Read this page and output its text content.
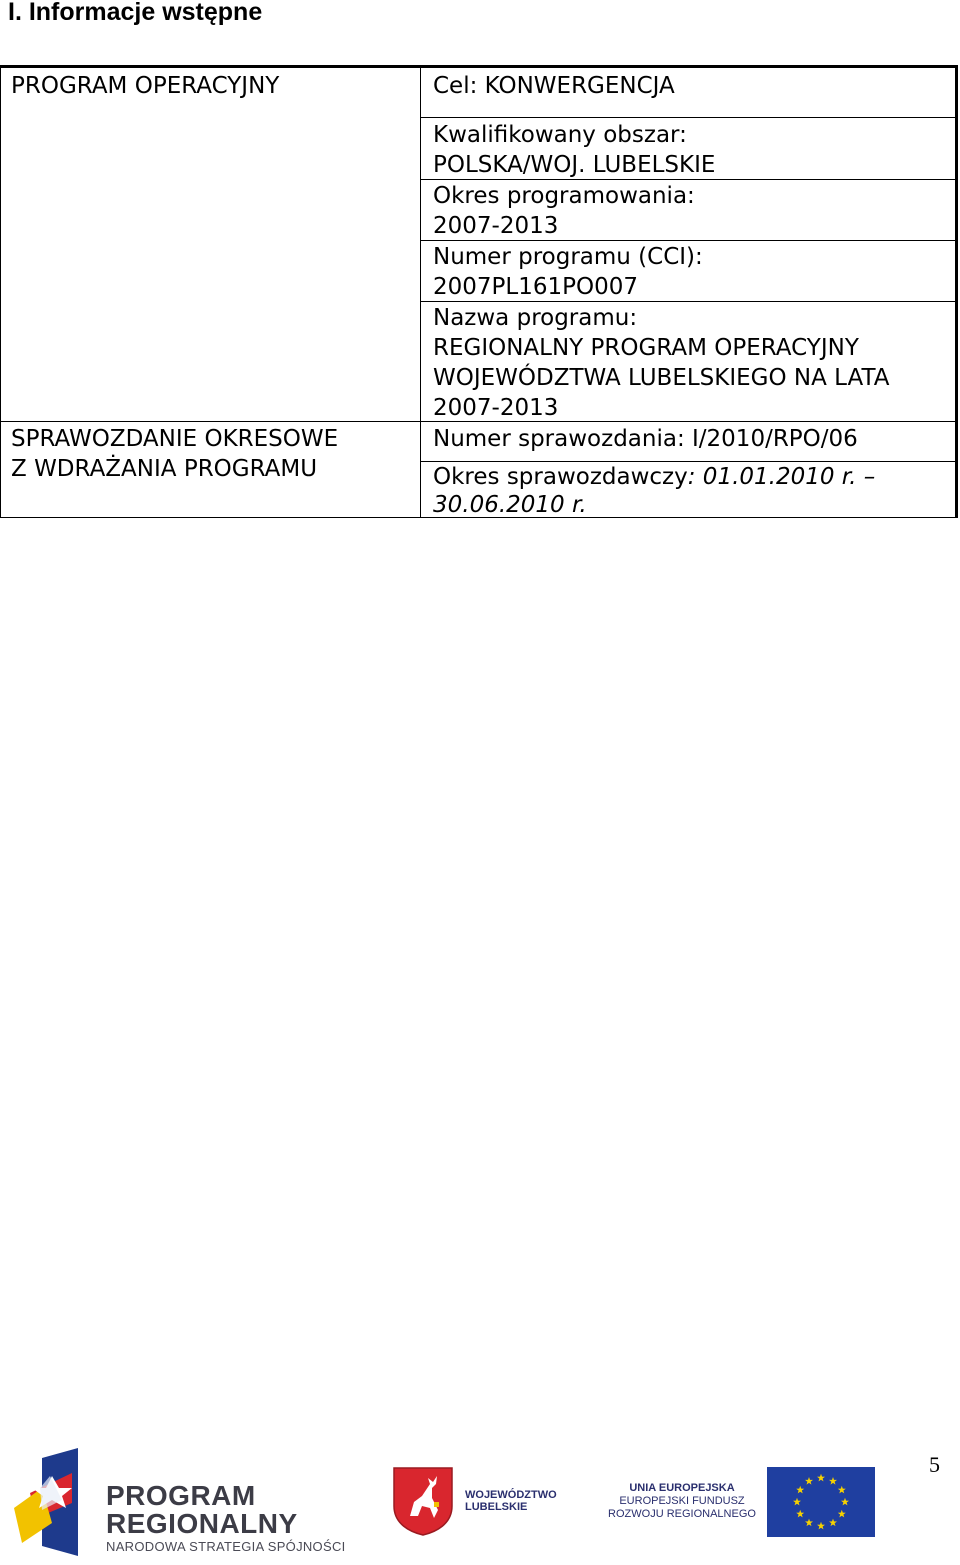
I. Informacje wstępne
PROGRAM OPERACYJNY
SPRAWOZDANIE OKRESOWE
Z WDRAŻANIA PROGRAMU
Cel: KONWERGENCJA
Kwalifikowany obszar:
POLSKA/WOJ. LUBELSKIE
Okres programowania:
2007-2013
Numer programu (CCI):
2007PL161PO007
Nazwa programu:
REGIONALNY PROGRAM OPERACYJNY
WOJEWÓDZTWA LUBELSKIEGO NA LATA
2007-2013
Numer sprawozdania: I/2010/RPO/06
Okres sprawozdawczy: 01.01.2010 r. –
30.06.2010 r.
5
PROGRAM
REGIONALNY
NARODOWA STRATEGIA SPÓJNOŚCI
WOJEWÓDZTWO
LUBELSKIE
UNIA EUROPEJSKA
EUROPEJSKI FUNDUSZ
ROZWOJU REGIONALNEGO
